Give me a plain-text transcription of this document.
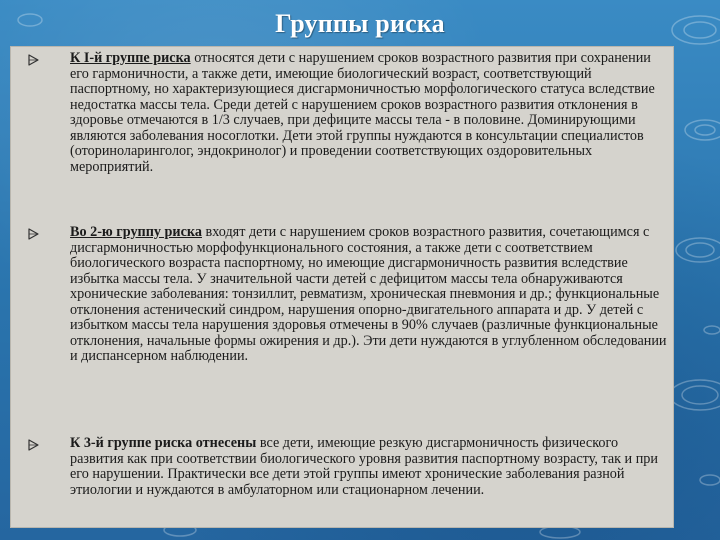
Группы риска
К I-й группе риска относятся дети с нарушением сроков возрастного развития при сохранении его гармоничности, а также дети, имеющие биологический возраст, соответствующий паспортному, но характеризующиеся дисгармоничностью морфологического статуса вследствие недостатка массы тела. Среди детей с нарушением сроков возрастного развития отклонения в здоровье отмечаются в 1/3 случаев, при дефиците массы тела - в половине. Доминирующими являются заболевания носоглотки. Дети этой группы нуждаются в консультации специалистов (оториноларинголог, эндокринолог) и проведении соответствующих оздоровительных мероприятий.
Во 2-ю группу риска входят дети с нарушением сроков возрастного развития, сочетающимся с дисгармоничностью морфофункционального состояния, а также дети с соответствием биологического возраста паспортному, но имеющие дисгармоничность развития вследствие избытка массы тела. У значительной части детей с дефицитом массы тела обнаруживаются хронические заболевания: тонзиллит, ревматизм, хроническая пневмония и др.; функциональные отклонения астенический синдром, нарушения опорно-двигательного аппарата и др. У детей с избытком массы тела нарушения здоровья отмечены в 90% случаев (различные функциональные отклонения, начальные формы ожирения и др.). Эти дети нуждаются в углубленном обследовании и диспансерном наблюдении.
К 3-й группе риска отнесены все дети, имеющие резкую дисгармоничность физического развития как при соответствии биологического уровня развития паспортному возрасту, так и при его нарушении. Практически все дети этой группы имеют хронические заболевания разной этиологии и нуждаются в амбулаторном или стационарном лечении.
